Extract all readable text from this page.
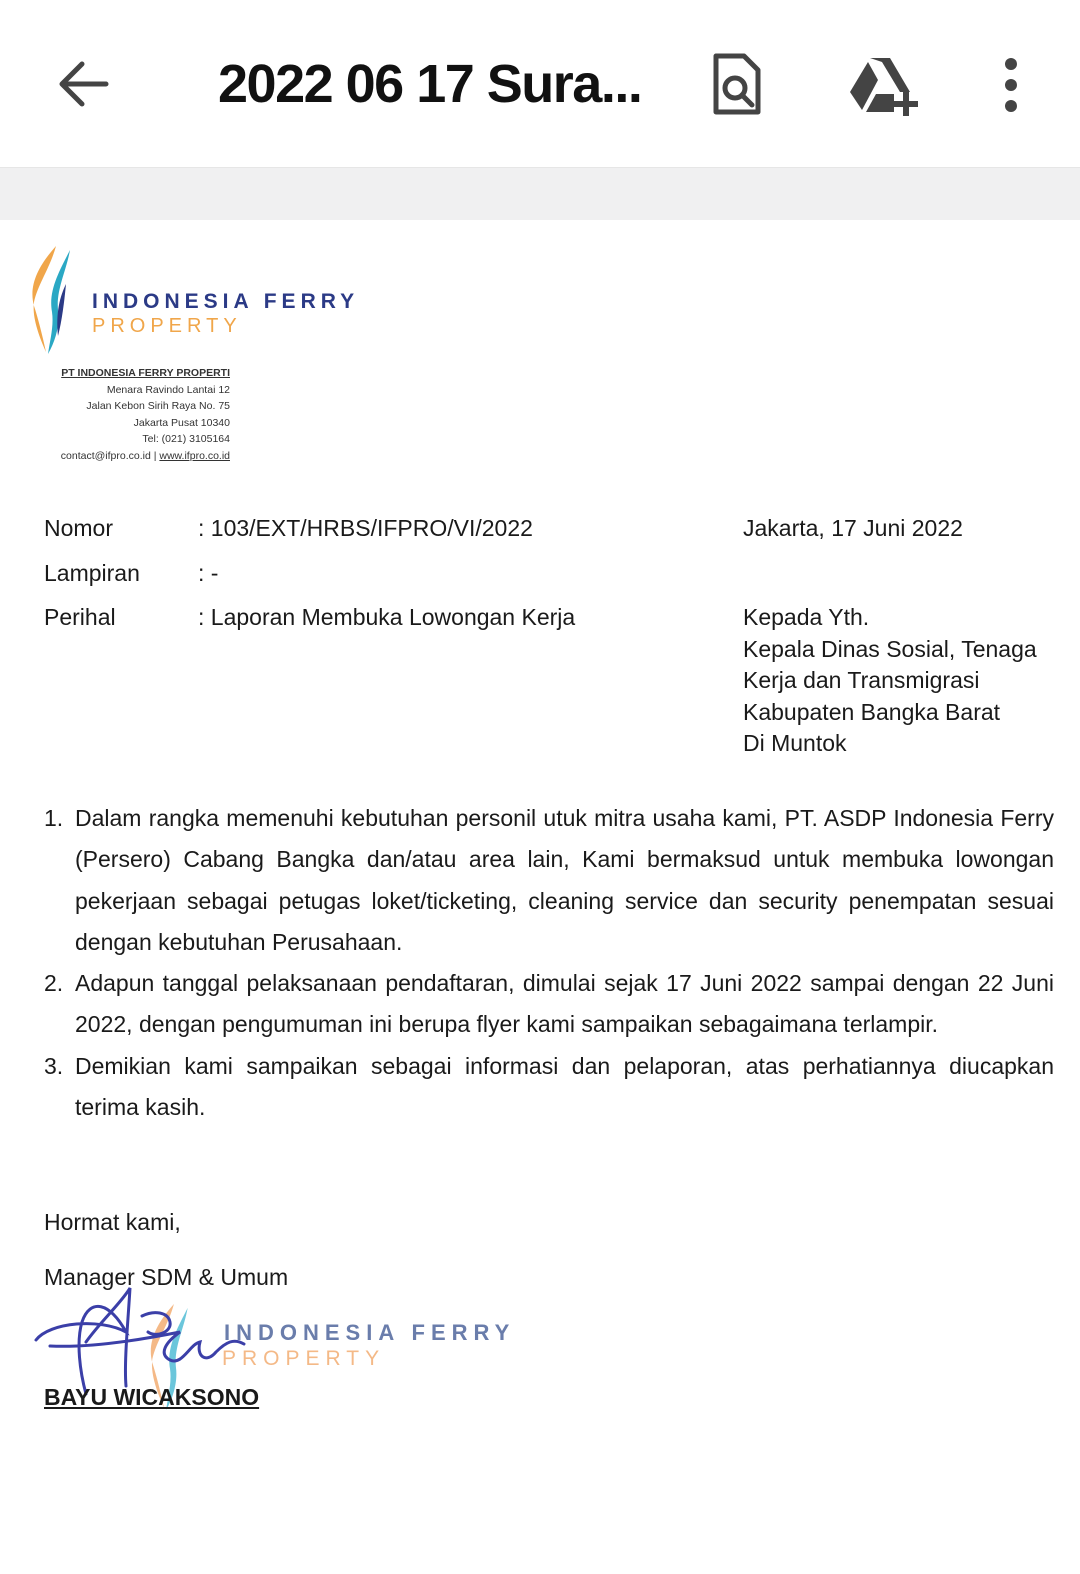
2022 06 17 Sura...
INDONESIA FERRY
PROPERTY
PT INDONESIA FERRY PROPERTI
Menara Ravindo Lantai 12
Jalan Kebon Sirih Raya No. 75
Jakarta Pusat 10340
Tel: (021) 3105164
contact@ifpro.co.id | www.ifpro.co.id
Nomor	: 103/EXT/HRBS/IFPRO/VI/2022
Lampiran	: -
Perihal	: Laporan Membuka Lowongan Kerja
Jakarta, 17 Juni 2022
Kepada Yth.
Kepala Dinas Sosial, Tenaga
Kerja dan Transmigrasi
Kabupaten Bangka Barat
Di Muntok
1. Dalam rangka memenuhi kebutuhan personil utuk mitra usaha kami, PT. ASDP Indonesia Ferry (Persero) Cabang Bangka dan/atau area lain, Kami bermaksud untuk membuka lowongan pekerjaan sebagai petugas loket/ticketing, cleaning service dan security penempatan sesuai dengan kebutuhan Perusahaan.
2. Adapun tanggal pelaksanaan pendaftaran, dimulai sejak 17 Juni 2022 sampai dengan 22 Juni 2022, dengan pengumuman ini berupa flyer kami sampaikan sebagaimana terlampir.
3. Demikian kami sampaikan sebagai informasi dan pelaporan, atas perhatiannya diucapkan terima kasih.
Hormat kami,
Manager SDM & Umum
INDONESIA FERRY
PROPERTY
BAYU WICAKSONO
